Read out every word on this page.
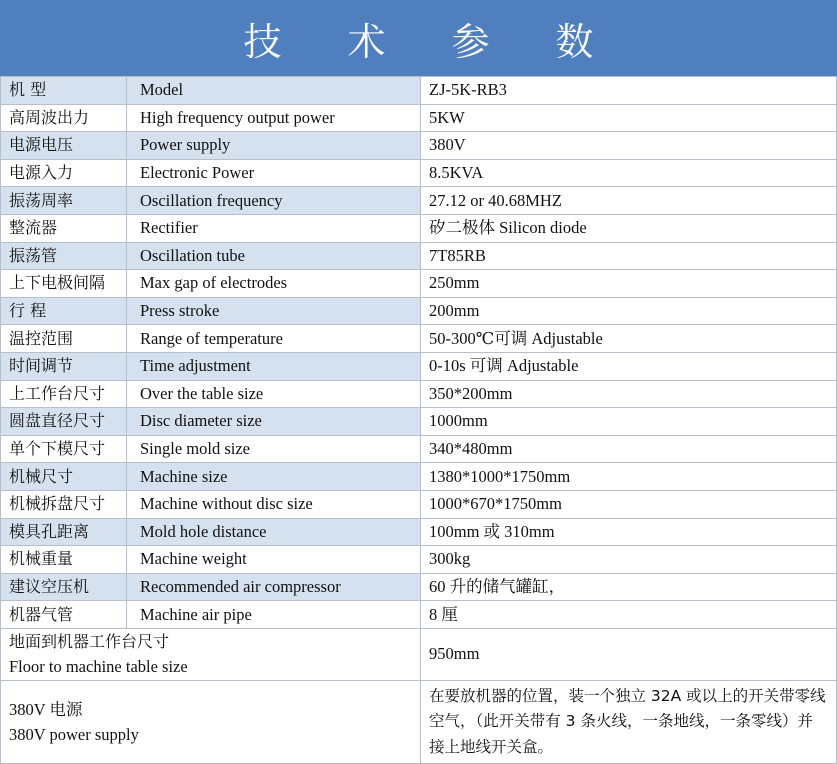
技 术 参 数
机 型	Model	ZJ-5K-RB3
高周波出力	High frequency output power	5KW
电源电压	Power supply	380V
电源入力	Electronic Power	8.5KVA
振荡周率	Oscillation frequency	27.12 or 40.68MHZ
整流器	Rectifier	矽二极体 Silicon diode
振荡管	Oscillation tube	7T85RB
上下电极间隔	Max gap of electrodes	250mm
行 程	Press stroke	200mm
温控范围	Range of temperature	50-300℃可调 Adjustable
时间调节	Time adjustment	0-10s 可调 Adjustable
上工作台尺寸	Over the table size	350*200mm
圆盘直径尺寸	Disc diameter size	1000mm
单个下模尺寸	Single mold size	340*480mm
机械尺寸	Machine size	1380*1000*1750mm
机械拆盘尺寸	Machine without disc size	1000*670*1750mm
模具孔距离	Mold hole distance	100mm 或 310mm
机械重量	Machine weight	300kg
建议空压机	Recommended air compressor	60 升的储气罐缸，
机器气管	Machine air pipe	8 厘

地面到机器工作台尺寸
Floor to machine table size		950mm

380V 电源
380V power supply		在要放机器的位置，装一个独立 32A 或以上的开关带零线空气，（此开关带有 3 条火线，一条地线，一条零线）并接上地线开关盒。
